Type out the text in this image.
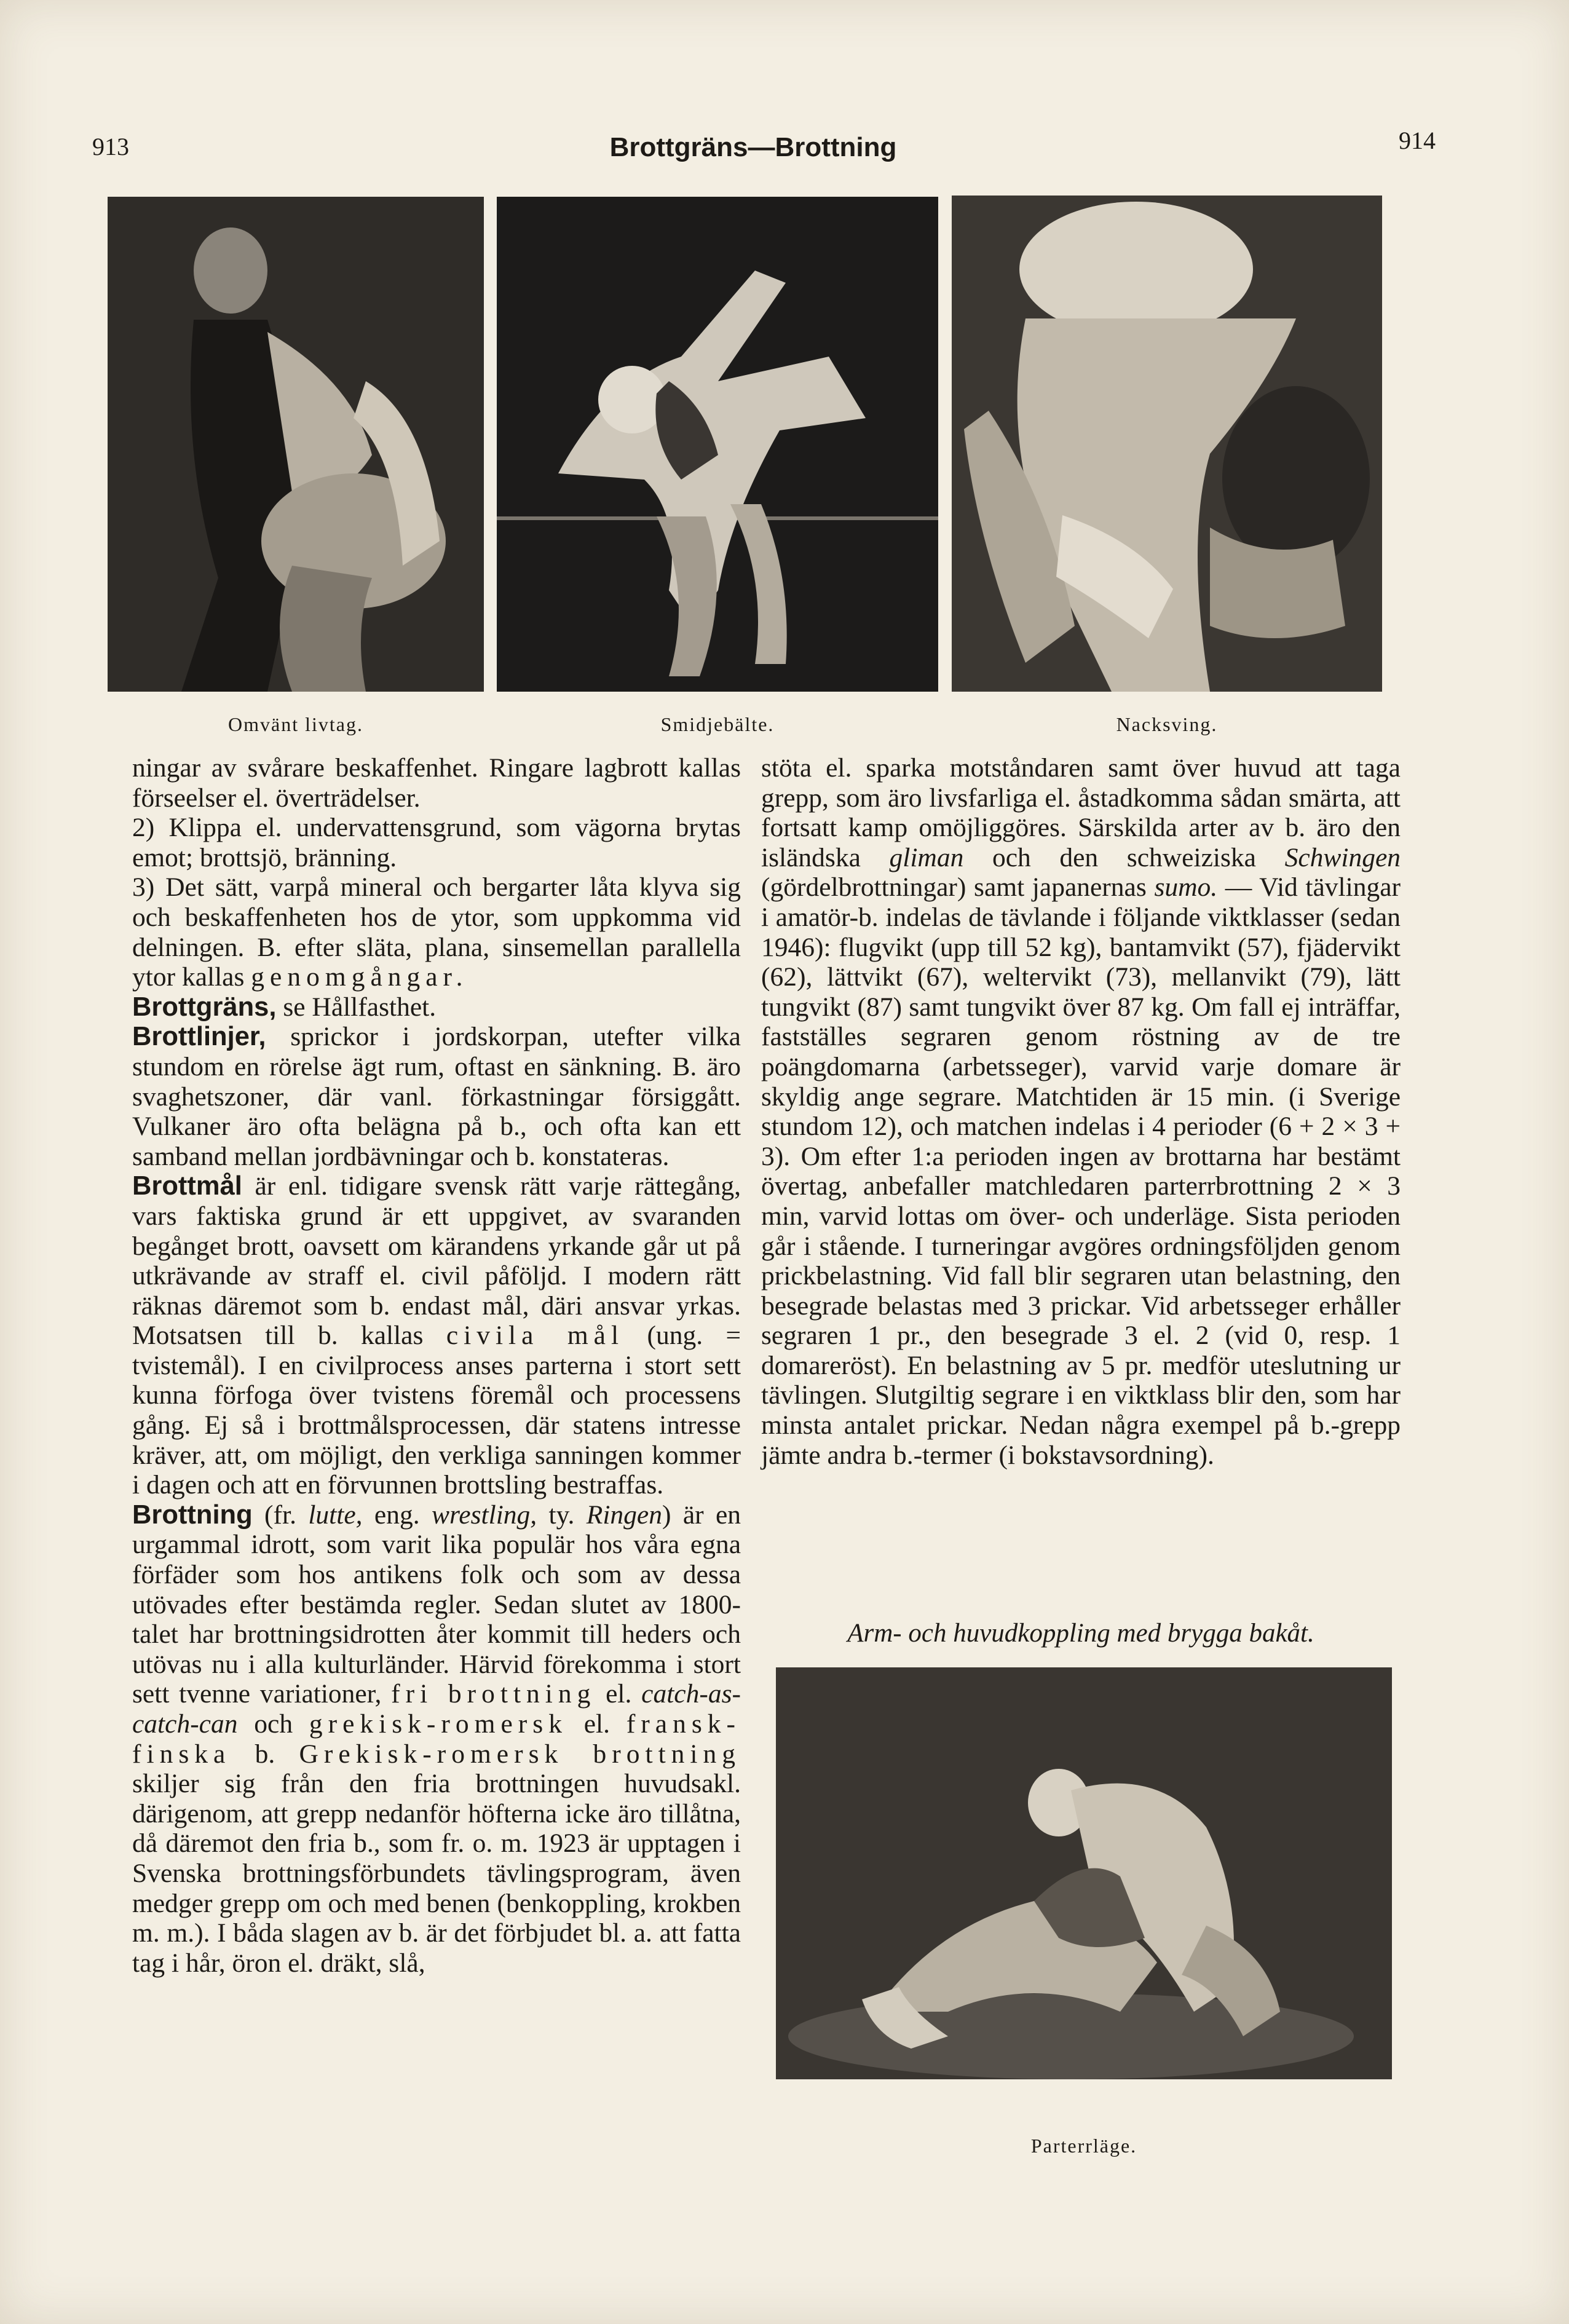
913	Brottgräns—Brottning	914
Omvänt livtag.	Smidjebälte.	Nacksving.

ningar av svårare beskaffenhet. Ringare lagbrott kallas förseelser el. överträdelser.

2) Klippa el. undervattensgrund, som vägorna brytas emot; brottsjö, bränning.

3) Det sätt, varpå mineral och bergarter låta klyva sig och beskaffenheten hos de ytor, som uppkomma vid delningen. B. efter släta, plana, sinsemellan parallella ytor kallas genomgångar.

Brottgräns, se Hållfasthet.

Brottlinjer, sprickor i jordskorpan, utefter vilka stundom en rörelse ägt rum, oftast en sänkning. B. äro svaghetszoner, där vanl. förkastningar försiggått. Vulkaner äro ofta belägna på b., och ofta kan ett samband mellan jordbävningar och b. konstateras.

Brottmål är enl. tidigare svensk rätt varje rättegång, vars faktiska grund är ett uppgivet, av svaranden begånget brott, oavsett om kärandens yrkande går ut på utkrävande av straff el. civil påföljd. I modern rätt räknas däremot som b. endast mål, däri ansvar yrkas. Motsatsen till b. kallas civila mål (ung. = tvistemål). I en civilprocess anses parterna i stort sett kunna förfoga över tvistens föremål och processens gång. Ej så i brottmålsprocessen, där statens intresse kräver, att, om möjligt, den verkliga sanningen kommer i dagen och att en förvunnen brottsling bestraffas.

Brottning (fr. lutte, eng. wrestling, ty. Ringen) är en urgammal idrott, som varit lika populär hos våra egna förfäder som hos antikens folk och som av dessa utövades efter bestämda regler. Sedan slutet av 1800-talet har brottningsidrotten åter kommit till heders och utövas nu i alla kulturländer. Härvid förekomma i stort sett tvenne variationer, fri brottning el. catch-as-catch-can och grekisk-romersk el. fransk-finska b. Grekisk-romersk brottning skiljer sig från den fria brottningen huvudsakl. därigenom, att grepp nedanför höfterna icke äro tillåtna, då däremot den fria b., som fr. o. m. 1923 är upptagen i Svenska brottningsförbundets tävlingsprogram, även medger grepp om och med benen (benkoppling, krokben m. m.). I båda slagen av b. är det förbjudet bl. a. att fatta tag i hår, öron el. dräkt, slå,

stöta el. sparka motståndaren samt över huvud att taga grepp, som äro livsfarliga el. åstadkomma sådan smärta, att fortsatt kamp omöjliggöres. Särskilda arter av b. äro den isländska gliman och den schweiziska Schwingen (gördelbrottningar) samt japanernas sumo. — Vid tävlingar i amatör-b. indelas de tävlande i följande viktklasser (sedan 1946): flugvikt (upp till 52 kg), bantamvikt (57), fjädervikt (62), lättvikt (67), weltervikt (73), mellanvikt (79), lätt tungvikt (87) samt tungvikt över 87 kg. Om fall ej inträffar, fastställes segraren genom röstning av de tre poängdomarna (arbetsseger), varvid varje domare är skyldig ange segrare. Matchtiden är 15 min. (i Sverige stundom 12), och matchen indelas i 4 perioder (6 + 2 × 3 + 3). Om efter 1:a perioden ingen av brottarna har bestämt övertag, anbefaller matchledaren parterrbrottning 2 × 3 min, varvid lottas om över- och underläge. Sista perioden går i stående. I turneringar avgöres ordningsföljden genom prickbelastning. Vid fall blir segraren utan belastning, den besegrade belastas med 3 prickar. Vid arbetsseger erhåller segraren 1 pr., den besegrade 3 el. 2 (vid 0, resp. 1 domareröst). En belastning av 5 pr. medför uteslutning ur tävlingen. Slutgiltig segrare i en viktklass blir den, som har minsta antalet prickar. Nedan några exempel på b.-grepp jämte andra b.-termer (i bokstavsordning).

Arm- och huvudkoppling med brygga bakåt.
Parterrläge.
